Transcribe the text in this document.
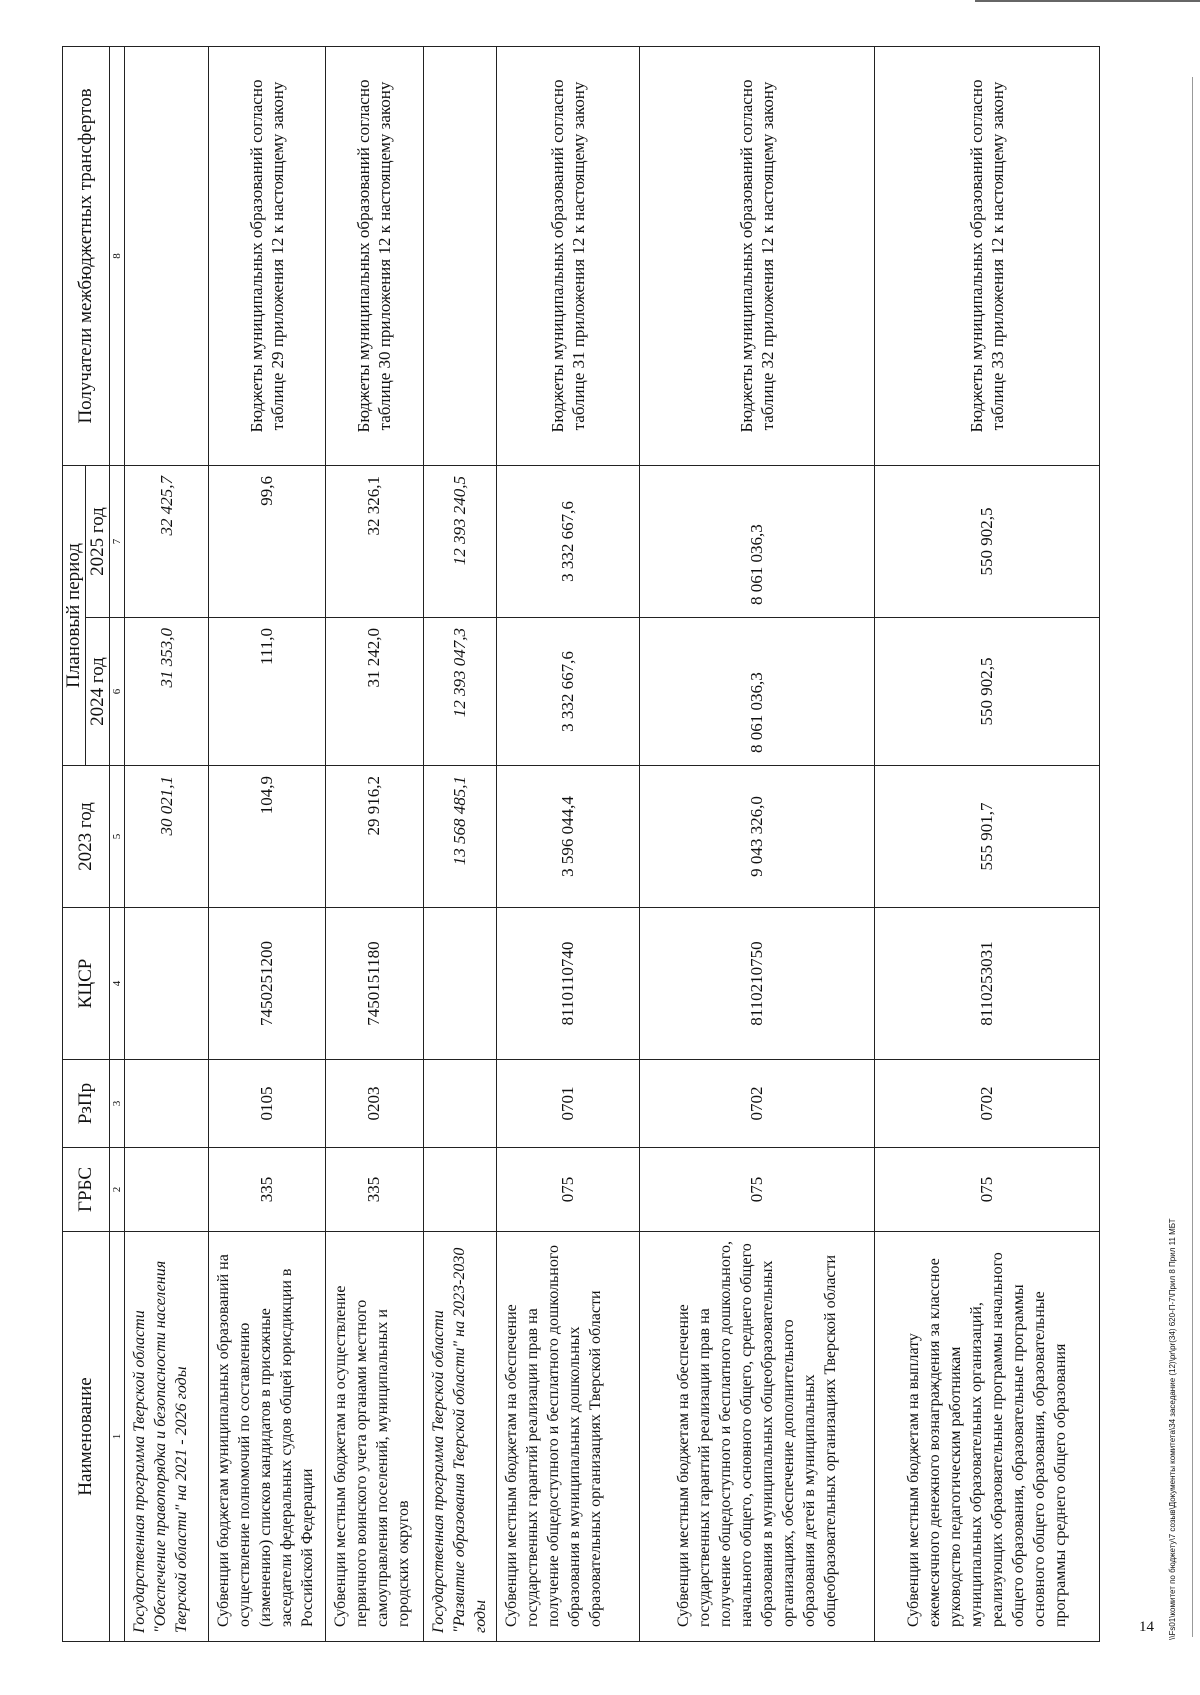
14
Наименование	ГРБС	РзПр	КЦСР	2023 год	Плановый период		Получатели межбюджетных трансфертов
					2024 год	2025 год	
1	2	3	4	5	6	7	8
Государственная программа Тверской области "Обеспечение правопорядка и безопасности населения Тверской области" на 2021 - 2026 годы				30 021,1	31 353,0	32 425,7	
Субвенции бюджетам муниципальных образований на осуществление полномочий по составлению (изменению) списков кандидатов в присяжные заседатели федеральных судов общей юрисдикции в Российской Федерации	335	0105	7450251200	104,9	111,0	99,6	Бюджеты муниципальных образований согласно таблице 29 приложения 12 к настоящему закону
Субвенции местным бюджетам на осуществление первичного воинского учета органами местного самоуправления поселений, муниципальных и городских округов	335	0203	7450151180	29 916,2	31 242,0	32 326,1	Бюджеты муниципальных образований согласно таблице 30 приложения 12 к настоящему закону
Государственная программа Тверской области "Развитие образования Тверской области" на 2023-2030 годы				13 568 485,1	12 393 047,3	12 393 240,5	
Субвенции местным бюджетам на обеспечение государственных гарантий реализации прав на получение общедоступного и бесплатного дошкольного образования в муниципальных дошкольных образовательных организациях Тверской области	075	0701	8110110740	3 596 044,4	3 332 667,6	3 332 667,6	Бюджеты муниципальных образований согласно таблице 31 приложения 12 к настоящему закону
Субвенции местным бюджетам на обеспечение государственных гарантий реализации прав на получение общедоступного и бесплатного дошкольного, начального общего, основного общего, среднего общего образования в муниципальных общеобразовательных организациях, обеспечение дополнительного образования детей в муниципальных общеобразовательных организациях Тверской области	075	0702	8110210750	9 043 326,0	8 061 036,3	8 061 036,3	Бюджеты муниципальных образований согласно таблице 32 приложения 12 к настоящему закону
Субвенции местным бюджетам на выплату ежемесячного денежного вознаграждения за классное руководство педагогическим работникам муниципальных образовательных организаций, реализующих образовательные программы начального общего образования, образовательные программы основного общего образования, образовательные программы среднего общего образования	075	0702	8110253031	555 901,7	550 902,5	550 902,5	Бюджеты муниципальных образований согласно таблице 33 приложения 12 к настоящему закону
\\Fs01\комитет по бюджету\7 созыв\Документы комитета\34 заседание (12)\pr\pr(34) 620-П-7\Прил 8 Прил 11 МБТ
